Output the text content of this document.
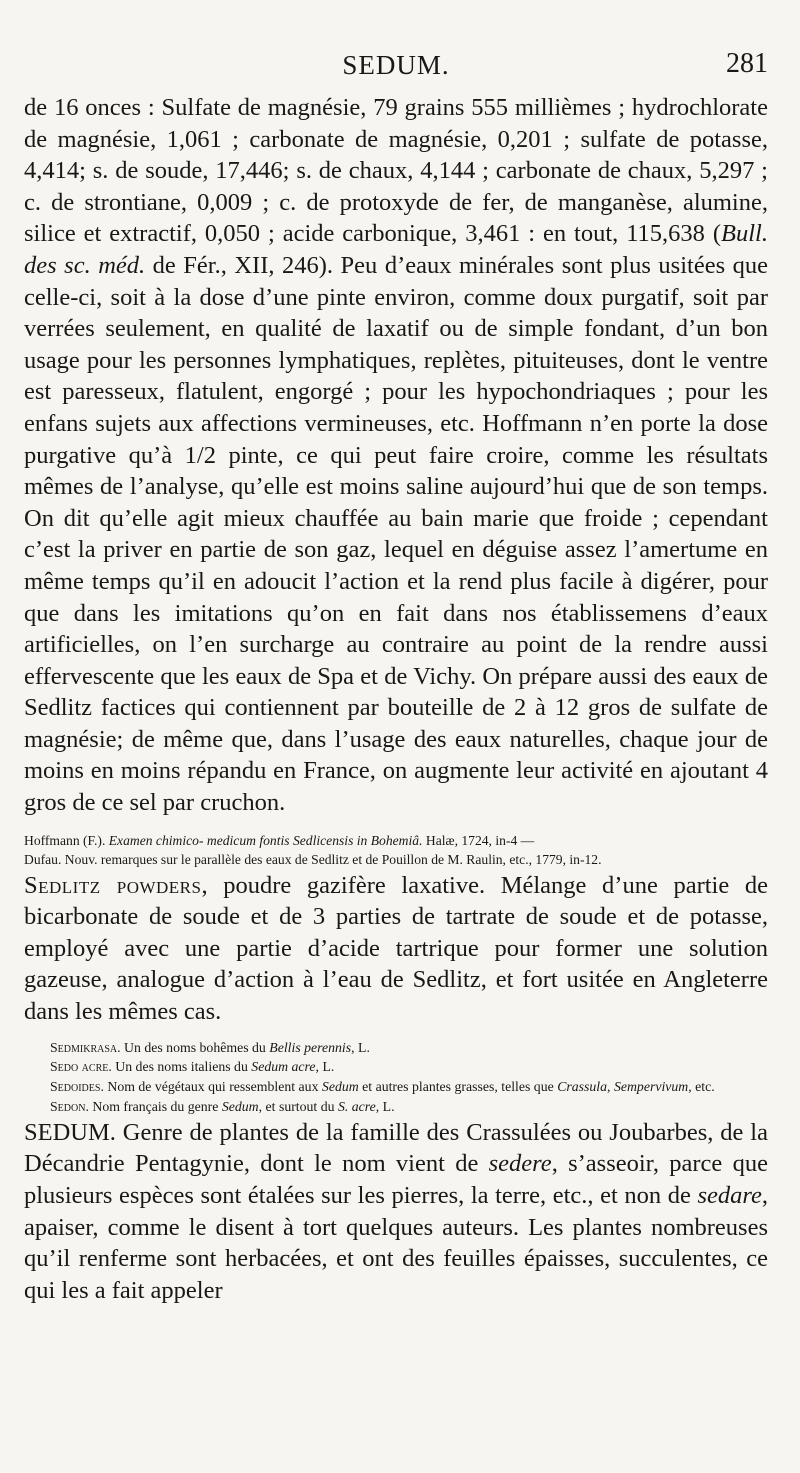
SEDUM.	281

de 16 onces : Sulfate de magnésie, 79 grains 555 millièmes ; hydrochlorate de magnésie, 1,061 ; carbonate de magnésie, 0,201 ; sulfate de potasse, 4,414; s. de soude, 17,446; s. de chaux, 4,144 ; carbonate de chaux, 5,297 ; c. de strontiane, 0,009 ; c. de protoxyde de fer, de manganèse, alumine, silice et extractif, 0,050 ; acide carbonique, 3,461 : en tout, 115,638 (Bull. des sc. méd. de Fér., XII, 246). Peu d’eaux minérales sont plus usitées que celle-ci, soit à la dose d’une pinte environ, comme doux purgatif, soit par verrées seulement, en qualité de laxatif ou de simple fondant, d’un bon usage pour les personnes lymphatiques, replètes, pituiteuses, dont le ventre est paresseux, flatulent, engorgé ; pour les hypochondriaques ; pour les enfans sujets aux affections vermineuses, etc. Hoffmann n’en porte la dose purgative qu’à 1/2 pinte, ce qui peut faire croire, comme les résultats mêmes de l’analyse, qu’elle est moins saline aujourd’hui que de son temps. On dit qu’elle agit mieux chauffée au bain marie que froide ; cependant c’est la priver en partie de son gaz, lequel en déguise assez l’amertume en même temps qu’il en adoucit l’action et la rend plus facile à digérer, pour que dans les imitations qu’on en fait dans nos établissemens d’eaux artificielles, on l’en surcharge au contraire au point de la rendre aussi effervescente que les eaux de Spa et de Vichy. On prépare aussi des eaux de Sedlitz factices qui contiennent par bouteille de 2 à 12 gros de sulfate de magnésie; de même que, dans l’usage des eaux naturelles, chaque jour de moins en moins répandu en France, on augmente leur activité en ajoutant 4 gros de ce sel par cruchon.

Hoffmann (F.). Examen chimico- medicum fontis Sedlicensis in Bohemiâ. Halæ, 1724, in-4 —

Dufau. Nouv. remarques sur le parallèle des eaux de Sedlitz et de Pouillon de M. Raulin, etc., 1779, in-12.

Sedlitz powders, poudre gazifère laxative. Mélange d’une partie de bicarbonate de soude et de 3 parties de tartrate de soude et de potasse, employé avec une partie d’acide tartrique pour former une solution gazeuse, analogue d’action à l’eau de Sedlitz, et fort usitée en Angleterre dans les mêmes cas.

Sedmikrasa. Un des noms bohêmes du Bellis perennis, L.

Sedo acre. Un des noms italiens du Sedum acre, L.

Sedoides. Nom de végétaux qui ressemblent aux Sedum et autres plantes grasses, telles que Crassula, Sempervivum, etc.

Sedon. Nom français du genre Sedum, et surtout du S. acre, L.

SEDUM. Genre de plantes de la famille des Crassulées ou Joubarbes, de la Décandrie Pentagynie, dont le nom vient de sedere, s’asseoir, parce que plusieurs espèces sont étalées sur les pierres, la terre, etc., et non de sedare, apaiser, comme le disent à tort quelques auteurs. Les plantes nombreuses qu’il renferme sont herbacées, et ont des feuilles épaisses, succulentes, ce qui les a fait appeler
